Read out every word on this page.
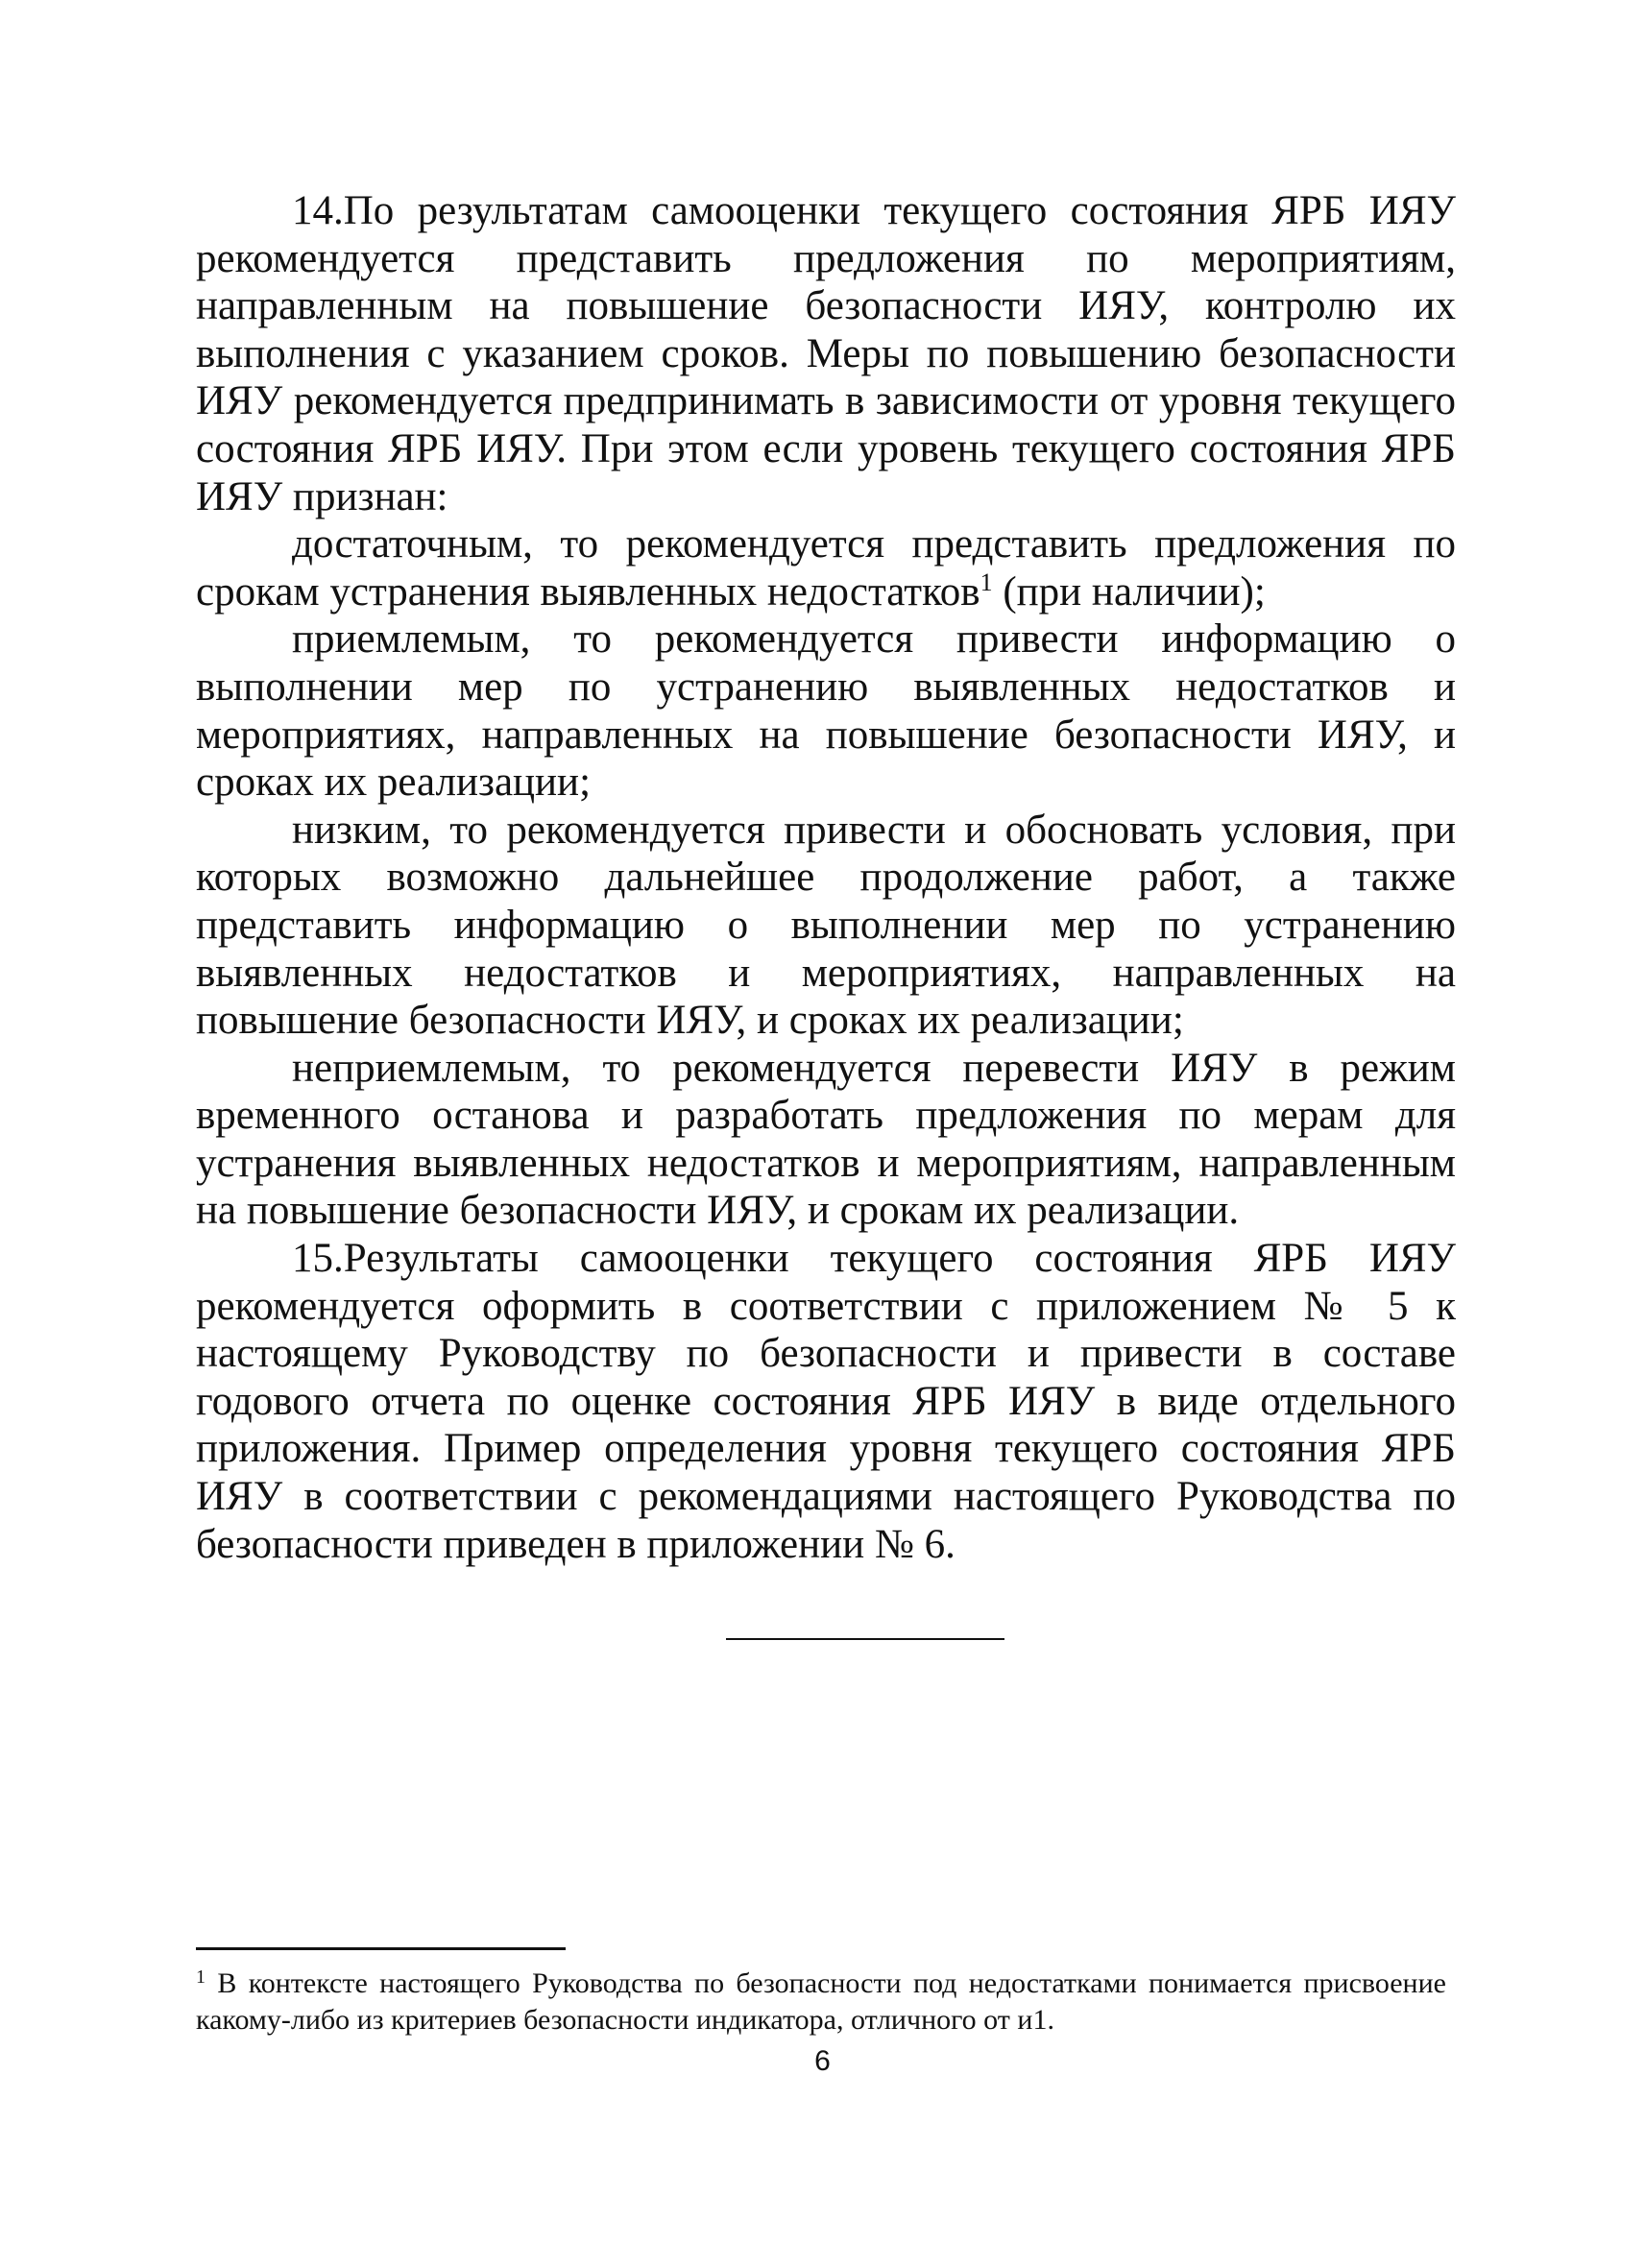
14.По результатам самооценки текущего состояния ЯРБ ИЯУ рекомендуется представить предложения по мероприятиям, направленным на повышение безопасности ИЯУ, контролю их выполнения с указанием сроков. Меры по повышению безопасности ИЯУ рекомендуется предпринимать в зависимости от уровня текущего состояния ЯРБ ИЯУ. При этом если уровень текущего состояния ЯРБ ИЯУ признан:

достаточным, то рекомендуется представить предложения по срокам устранения выявленных недостатков$^1$ (при наличии);

приемлемым, то рекомендуется привести информацию о выполнении мер по устранению выявленных недостатков и мероприятиях, направленных на повышение безопасности ИЯУ, и сроках их реализации;

низким, то рекомендуется привести и обосновать условия, при которых возможно дальнейшее продолжение работ, а также представить информацию о выполнении мер по устранению выявленных недостатков и мероприятиях, направленных на повышение безопасности ИЯУ, и сроках их реализации;

неприемлемым, то рекомендуется перевести ИЯУ в режим временного останова и разработать предложения по мерам для устранения выявленных недостатков и мероприятиям, направленным на повышение безопасности ИЯУ, и срокам их реализации.

15.Результаты самооценки текущего состояния ЯРБ ИЯУ рекомендуется оформить в соответствии с приложением № 5 к настоящему Руководству по безопасности и привести в составе годового отчета по оценке состояния ЯРБ ИЯУ в виде отдельного приложения. Пример определения уровня текущего состояния ЯРБ ИЯУ в соответствии с рекомендациями настоящего Руководства по безопасности приведен в приложении № 6.

$^1$ В контексте настоящего Руководства по безопасности под недостатками понимается присвоение какому-либо из критериев безопасности индикатора, отличного от и1.
6
